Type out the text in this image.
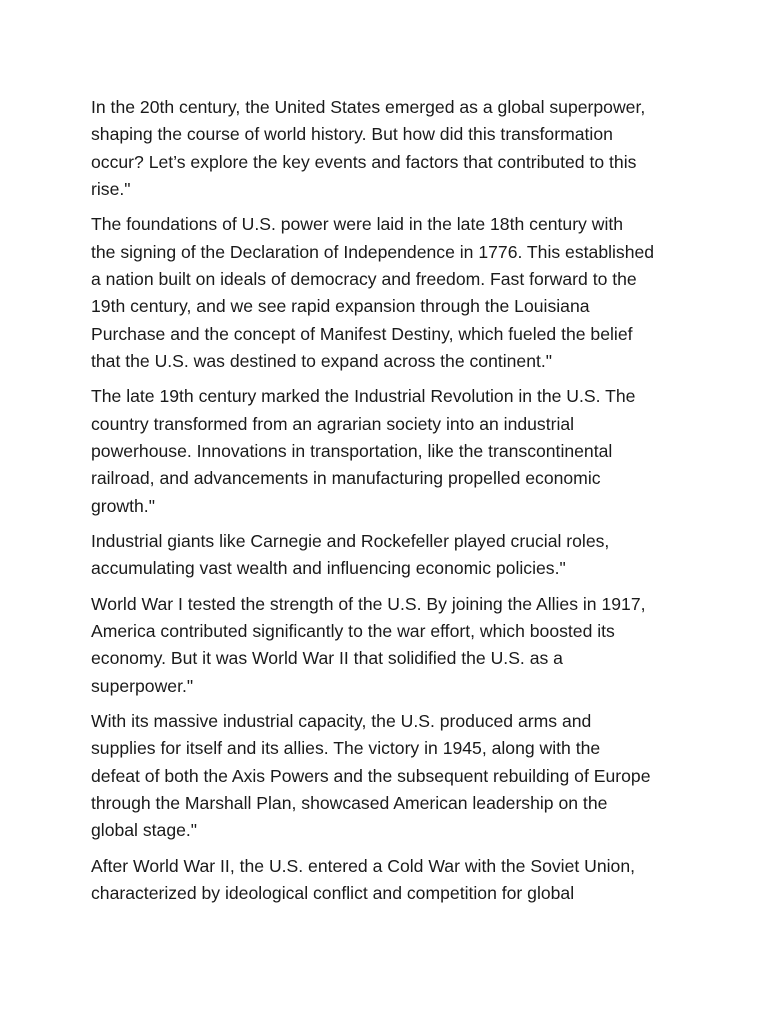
In the 20th century, the United States emerged as a global superpower,
shaping the course of world history. But how did this transformation
occur? Let’s explore the key events and factors that contributed to this
rise."

The foundations of U.S. power were laid in the late 18th century with
the signing of the Declaration of Independence in 1776. This established
a nation built on ideals of democracy and freedom. Fast forward to the
19th century, and we see rapid expansion through the Louisiana
Purchase and the concept of Manifest Destiny, which fueled the belief
that the U.S. was destined to expand across the continent."

The late 19th century marked the Industrial Revolution in the U.S. The
country transformed from an agrarian society into an industrial
powerhouse. Innovations in transportation, like the transcontinental
railroad, and advancements in manufacturing propelled economic
growth."

Industrial giants like Carnegie and Rockefeller played crucial roles,
accumulating vast wealth and influencing economic policies."

World War I tested the strength of the U.S. By joining the Allies in 1917,
America contributed significantly to the war effort, which boosted its
economy. But it was World War II that solidified the U.S. as a
superpower."

With its massive industrial capacity, the U.S. produced arms and
supplies for itself and its allies. The victory in 1945, along with the
defeat of both the Axis Powers and the subsequent rebuilding of Europe
through the Marshall Plan, showcased American leadership on the
global stage."

After World War II, the U.S. entered a Cold War with the Soviet Union,
characterized by ideological conflict and competition for global
